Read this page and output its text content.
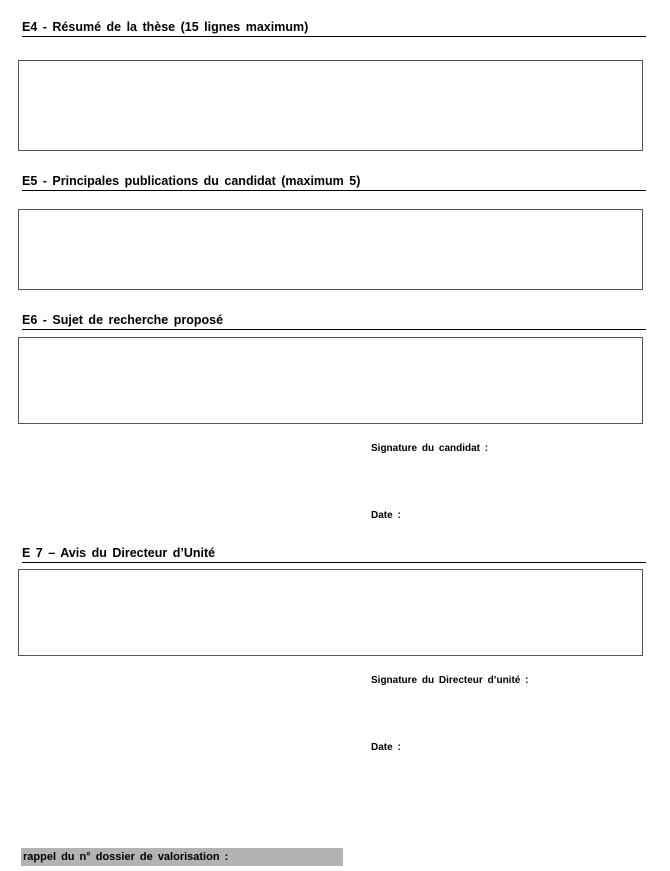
E4 - Résumé de la thèse (15 lignes maximum)
E5 - Principales publications du candidat (maximum 5)
E6 - Sujet de recherche proposé
Signature du candidat :
Date :
E 7 – Avis du Directeur d’Unité
Signature du Directeur d’unité :
Date :
rappel du n° dossier de valorisation :
